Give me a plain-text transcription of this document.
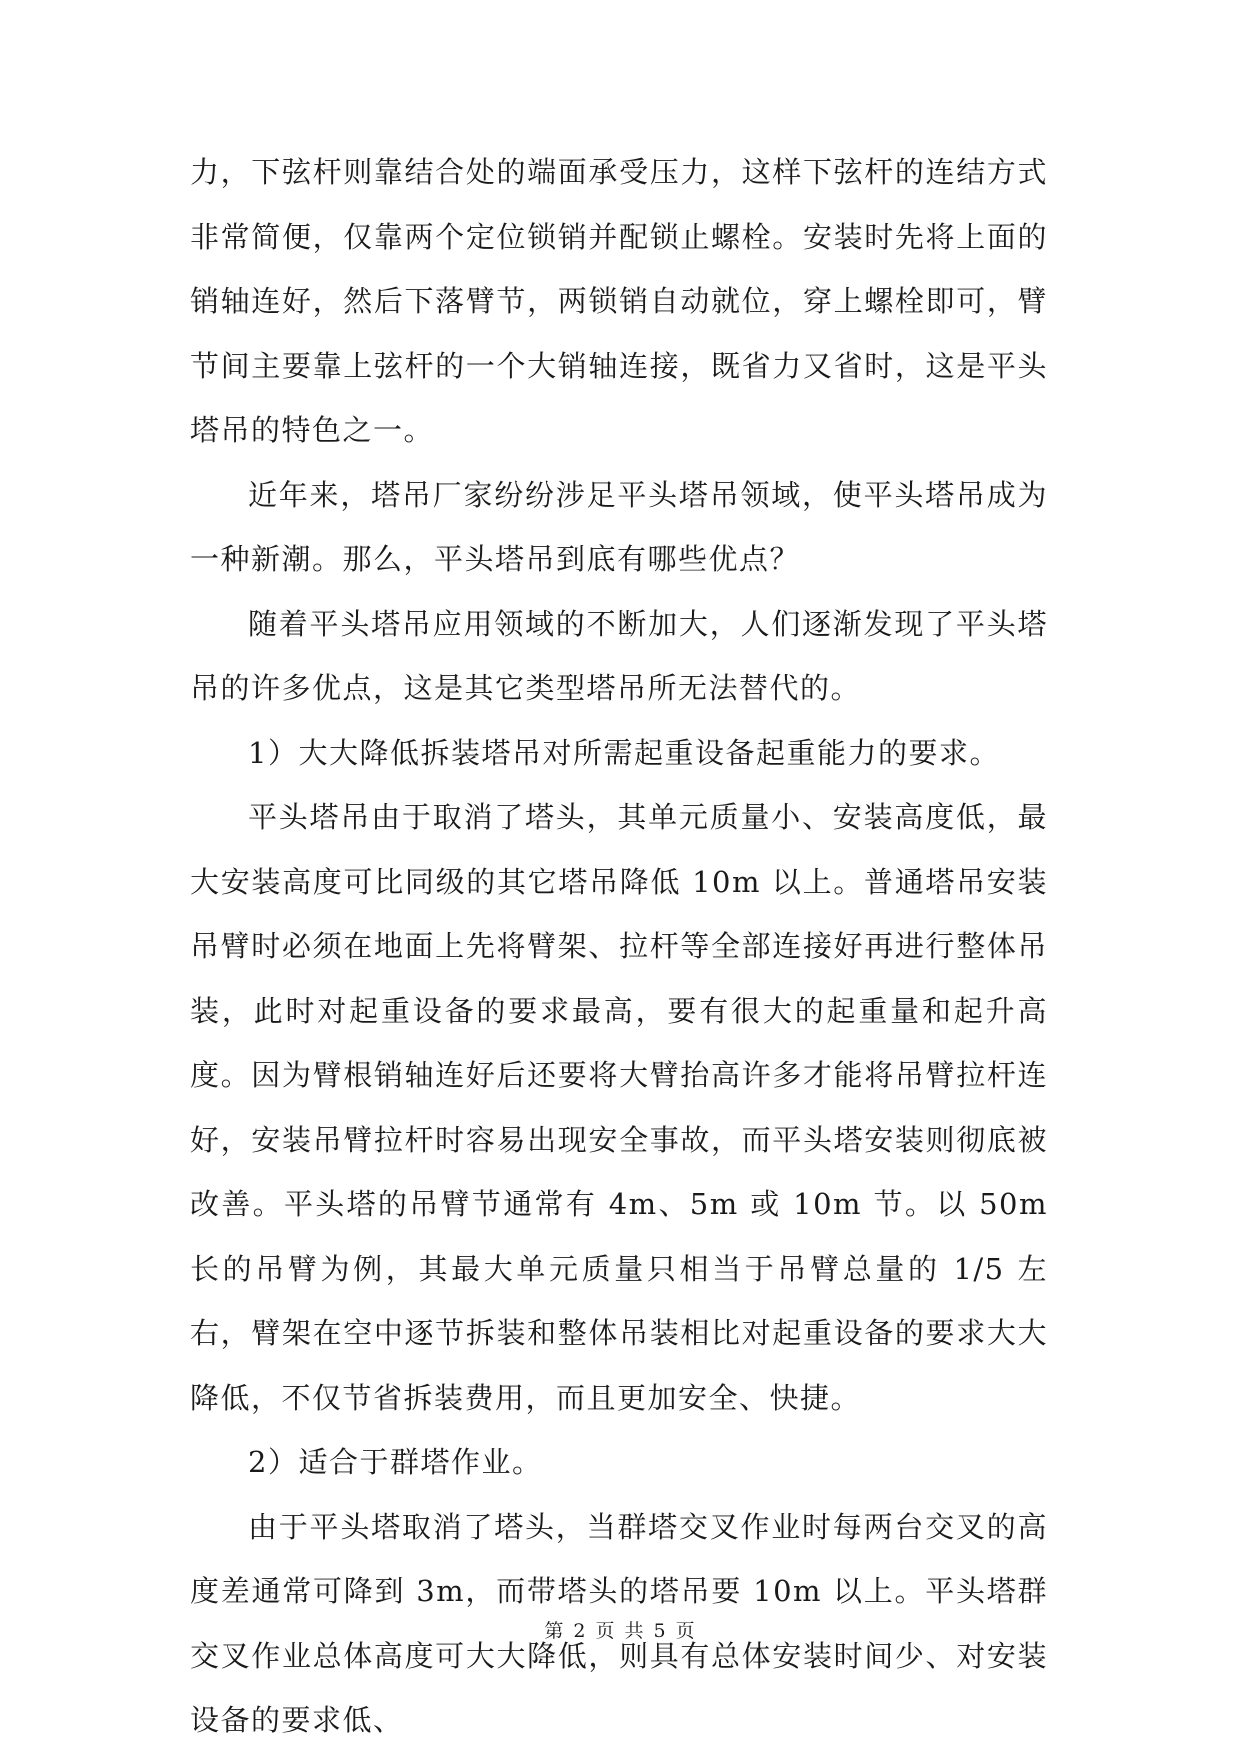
力，下弦杆则靠结合处的端面承受压力，这样下弦杆的连结方式非常简便，仅靠两个定位锁销并配锁止螺栓。安装时先将上面的销轴连好，然后下落臂节，两锁销自动就位，穿上螺栓即可，臂节间主要靠上弦杆的一个大销轴连接，既省力又省时，这是平头塔吊的特色之一。

近年来，塔吊厂家纷纷涉足平头塔吊领域，使平头塔吊成为一种新潮。那么，平头塔吊到底有哪些优点？

随着平头塔吊应用领域的不断加大，人们逐渐发现了平头塔吊的许多优点，这是其它类型塔吊所无法替代的。

1）大大降低拆装塔吊对所需起重设备起重能力的要求。

平头塔吊由于取消了塔头，其单元质量小、安装高度低，最大安装高度可比同级的其它塔吊降低 10m 以上。普通塔吊安装吊臂时必须在地面上先将臂架、拉杆等全部连接好再进行整体吊装，此时对起重设备的要求最高，要有很大的起重量和起升高度。因为臂根销轴连好后还要将大臂抬高许多才能将吊臂拉杆连好，安装吊臂拉杆时容易出现安全事故，而平头塔安装则彻底被改善。平头塔的吊臂节通常有 4m、5m 或 10m 节。以 50m 长的吊臂为例，其最大单元质量只相当于吊臂总量的 1/5 左右，臂架在空中逐节拆装和整体吊装相比对起重设备的要求大大降低，不仅节省拆装费用，而且更加安全、快捷。

2）适合于群塔作业。

由于平头塔取消了塔头，当群塔交叉作业时每两台交叉的高度差通常可降到 3m，而带塔头的塔吊要 10m 以上。平头塔群交叉作业总体高度可大大降低，则具有总体安装时间少、对安装设备的要求低、

第 2 页 共 5 页
